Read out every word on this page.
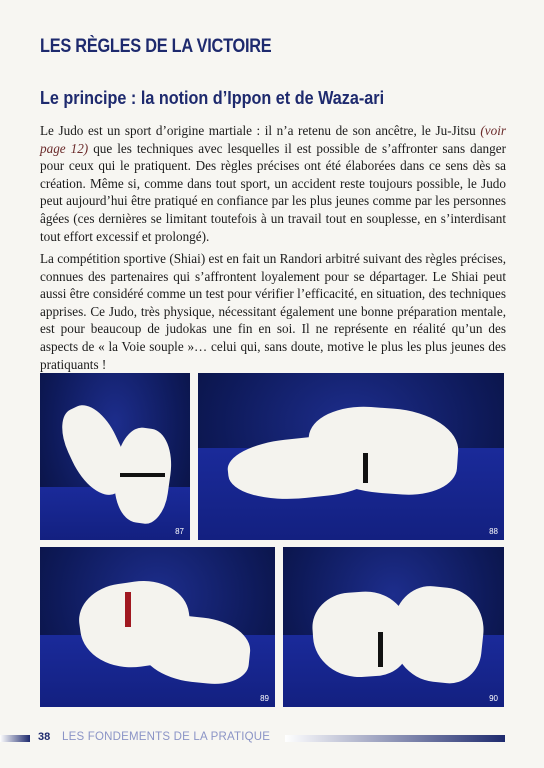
LES RÈGLES DE LA VICTOIRE
Le principe : la notion d’Ippon et de Waza-ari

Le Judo est un sport d’origine martiale : il n’a retenu de son ancêtre, le Ju-Jitsu (voir page 12) que les techniques avec lesquelles il est possible de s’affronter sans danger pour ceux qui le pratiquent. Des règles précises ont été élaborées dans ce sens dès sa création. Même si, comme dans tout sport, un accident reste toujours possible, le Judo peut aujourd’hui être pratiqué en confiance par les plus jeunes comme par les personnes âgées (ces dernières se limitant toutefois à un travail tout en souplesse, en s’interdisant tout effort excessif et prolongé).

La compétition sportive (Shiai) est en fait un Randori arbitré suivant des règles précises, connues des partenaires qui s’affrontent loyalement pour se départager. Le Shiai peut aussi être considéré comme un test pour vérifier l’efficacité, en situation, des techniques apprises. Ce Judo, très physique, nécessitant également une bonne préparation mentale, est pour beaucoup de judokas une fin en soi. Il ne représente en réalité qu’un des aspects de « la Voie souple »… celui qui, sans doute, motive le plus les plus jeunes des pratiquants !

87	88
89	90
38 LES FONDEMENTS DE LA PRATIQUE
